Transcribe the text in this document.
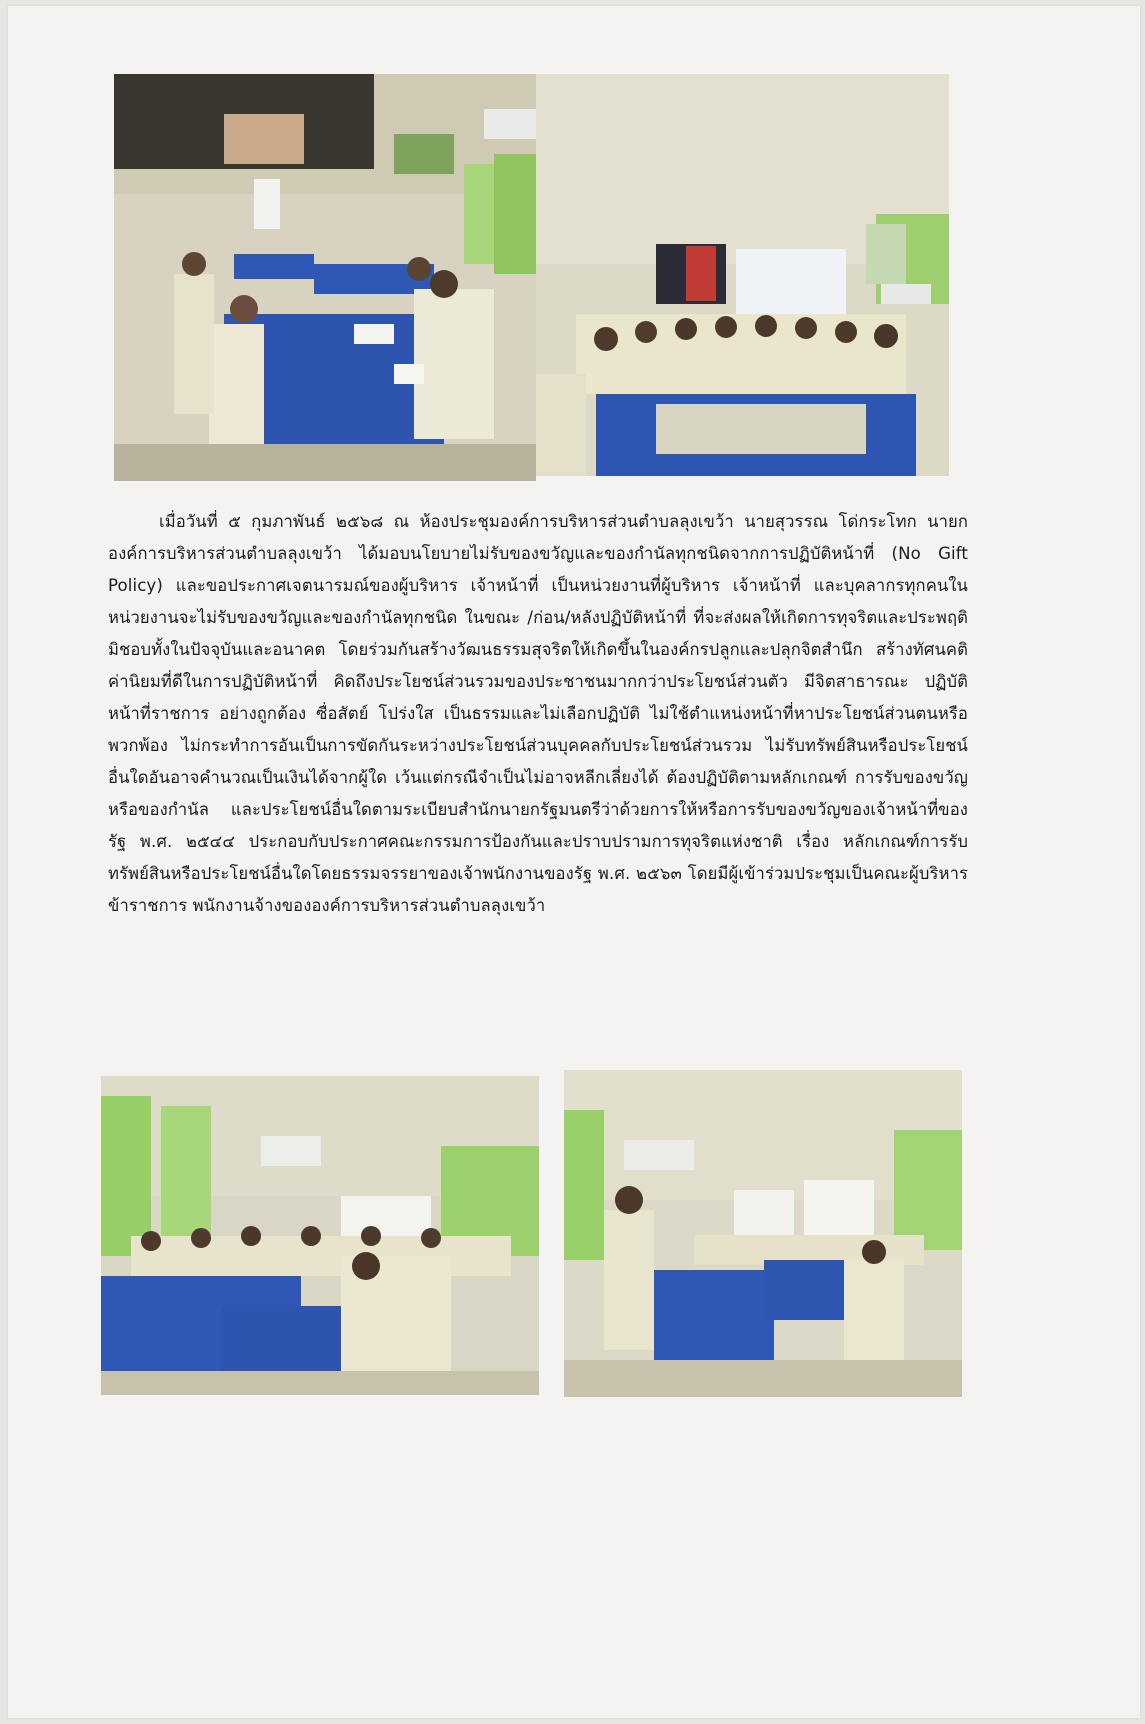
เมื่อวันที่ ๕ กุมภาพันธ์ ๒๕๖๘ ณ ห้องประชุมองค์การบริหารส่วนตำบลลุงเขว้า นายสุวรรณ โด่กระโทก นายกองค์การบริหารส่วนตำบลลุงเขว้า ได้มอบนโยบายไม่รับของขวัญและของกำนัลทุกชนิดจากการปฏิบัติหน้าที่ (No Gift Policy) และขอประกาศเจตนารมณ์ของผู้บริหาร เจ้าหน้าที่ เป็นหน่วยงานที่ผู้บริหาร เจ้าหน้าที่ และบุคลากรทุกคนในหน่วยงานจะไม่รับของขวัญและของกำนัลทุกชนิด ในขณะ /ก่อน/หลังปฏิบัติหน้าที่ ที่จะส่งผลให้เกิดการทุจริตและประพฤติมิชอบทั้งในปัจจุบันและอนาคต โดยร่วมกันสร้างวัฒนธรรมสุจริตให้เกิดขึ้นในองค์กรปลูกและปลุกจิตสำนึก สร้างทัศนคติ ค่านิยมที่ดีในการปฏิบัติหน้าที่ คิดถึงประโยชน์ส่วนรวมของประชาชนมากกว่าประโยชน์ส่วนตัว มีจิตสาธารณะ ปฏิบัติหน้าที่ราชการ อย่างถูกต้อง ซื่อสัตย์ โปร่งใส เป็นธรรมและไม่เลือกปฏิบัติ ไม่ใช้ตำแหน่งหน้าที่หาประโยชน์ส่วนตนหรือพวกพ้อง ไม่กระทำการอันเป็นการขัดกันระหว่างประโยชน์ส่วนบุคคลกับประโยชน์ส่วนรวม ไม่รับทรัพย์สินหรือประโยชน์อื่นใดอันอาจคำนวณเป็นเงินได้จากผู้ใด เว้นแต่กรณีจำเป็นไม่อาจหลีกเลี่ยงได้ ต้องปฏิบัติตามหลักเกณฑ์ การรับของขวัญหรือของกำนัล และประโยชน์อื่นใดตามระเบียบสำนักนายกรัฐมนตรีว่าด้วยการให้หรือการรับของขวัญของเจ้าหน้าที่ของรัฐ พ.ศ. ๒๕๔๔ ประกอบกับประกาศคณะกรรมการป้องกันและปราบปรามการทุจริตแห่งชาติ เรื่อง หลักเกณฑ์การรับทรัพย์สินหรือประโยชน์อื่นใดโดยธรรมจรรยาของเจ้าพนักงานของรัฐ พ.ศ. ๒๕๖๓ โดยมีผู้เข้าร่วมประชุมเป็นคณะผู้บริหาร ข้าราชการ พนักงานจ้างขององค์การบริหารส่วนตำบลลุงเขว้า
